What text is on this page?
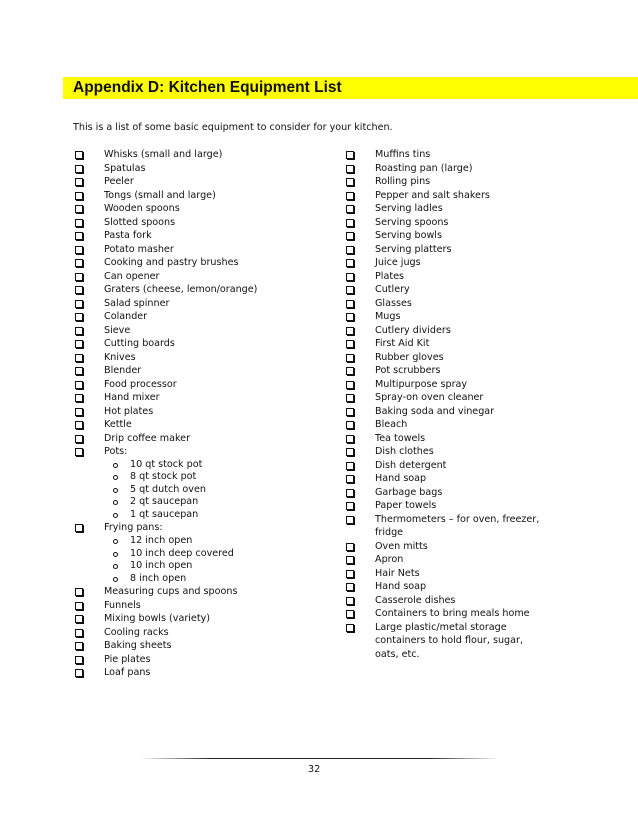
Appendix D: Kitchen Equipment List
This is a list of some basic equipment to consider for your kitchen.
Whisks (small and large)
Spatulas
Peeler
Tongs (small and large)
Wooden spoons
Slotted spoons
Pasta fork
Potato masher
Cooking and pastry brushes
Can opener
Graters (cheese, lemon/orange)
Salad spinner
Colander
Sieve
Cutting boards
Knives
Blender
Food processor
Hand mixer
Hot plates
Kettle
Drip coffee maker
Pots:
10 qt stock pot
8 qt stock pot
5 qt dutch oven
2 qt saucepan
1 qt saucepan
Frying pans:
12 inch open
10 inch deep covered
10 inch open
8 inch open
Measuring cups and spoons
Funnels
Mixing bowls (variety)
Cooling racks
Baking sheets
Pie plates
Loaf pans
Muffins tins
Roasting pan (large)
Rolling pins
Pepper and salt shakers
Serving ladles
Serving spoons
Serving bowls
Serving platters
Juice jugs
Plates
Cutlery
Glasses
Mugs
Cutlery dividers
First Aid Kit
Rubber gloves
Pot scrubbers
Multipurpose spray
Spray-on oven cleaner
Baking soda and vinegar
Bleach
Tea towels
Dish clothes
Dish detergent
Hand soap
Garbage bags
Paper towels
Thermometers – for oven, freezer, fridge
Oven mitts
Apron
Hair Nets
Hand soap
Casserole dishes
Containers to bring meals home
Large plastic/metal storage containers to hold flour, sugar, oats, etc.
32
